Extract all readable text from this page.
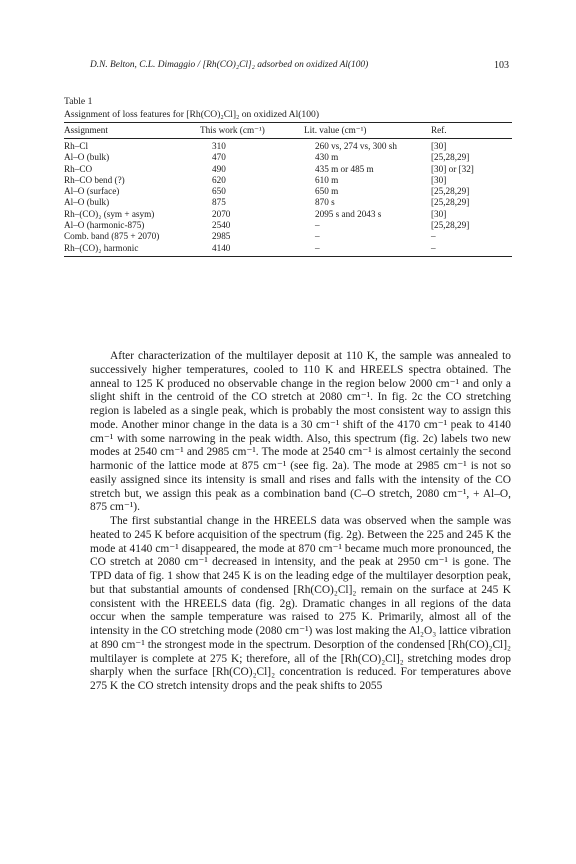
D.N. Belton, C.L. Dimaggio / [Rh(CO)₂Cl]₂ adsorbed on oxidized Al(100)	103
Table 1
Assignment of loss features for [Rh(CO)₂Cl]₂ on oxidized Al(100)
Assignment	This work (cm⁻¹)	Lit. value (cm⁻¹)	Ref.
Rh–Cl	310	260 vs, 274 vs, 300 sh	[30]
Al–O (bulk)	470	430 m	[25,28,29]
Rh–CO	490	435 m or 485 m	[30] or [32]
Rh–CO bend (?)	620	610 m	[30]
Al–O (surface)	650	650 m	[25,28,29]
Al–O (bulk)	875	870 s	[25,28,29]
Rh–(CO)₂ (sym + asym)	2070	2095 s and 2043 s	[30]
Al–O (harmonic-875)	2540	–	[25,28,29]
Comb. band (875 + 2070)	2985	–	–
Rh–(CO)₂ harmonic	4140	–	–

After characterization of the multilayer deposit at 110 K, the sample was annealed to successively higher temperatures, cooled to 110 K and HREELS spectra obtained. The anneal to 125 K produced no observable change in the region below 2000 cm⁻¹ and only a slight shift in the centroid of the CO stretch at 2080 cm⁻¹. In fig. 2c the CO stretching region is labeled as a single peak, which is probably the most consistent way to assign this mode. Another minor change in the data is a 30 cm⁻¹ shift of the 4170 cm⁻¹ peak to 4140 cm⁻¹ with some narrowing in the peak width. Also, this spectrum (fig. 2c) labels two new modes at 2540 cm⁻¹ and 2985 cm⁻¹. The mode at 2540 cm⁻¹ is almost certainly the second harmonic of the lattice mode at 875 cm⁻¹ (see fig. 2a). The mode at 2985 cm⁻¹ is not so easily assigned since its intensity is small and rises and falls with the intensity of the CO stretch but, we assign this peak as a combination band (C–O stretch, 2080 cm⁻¹, + Al–O, 875 cm⁻¹).

The first substantial change in the HREELS data was observed when the sample was heated to 245 K before acquisition of the spectrum (fig. 2g). Between the 225 and 245 K the mode at 4140 cm⁻¹ disappeared, the mode at 870 cm⁻¹ became much more pronounced, the CO stretch at 2080 cm⁻¹ decreased in intensity, and the peak at 2950 cm⁻¹ is gone. The TPD data of fig. 1 show that 245 K is on the leading edge of the multilayer desorption peak, but that substantial amounts of condensed [Rh(CO)₂Cl]₂ remain on the surface at 245 K consistent with the HREELS data (fig. 2g). Dramatic changes in all regions of the data occur when the sample temperature was raised to 275 K. Primarily, almost all of the intensity in the CO stretching mode (2080 cm⁻¹) was lost making the Al₂O₃ lattice vibration at 890 cm⁻¹ the strongest mode in the spectrum. Desorption of the condensed [Rh(CO)₂Cl]₂ multilayer is complete at 275 K; therefore, all of the [Rh(CO)₂Cl]₂ stretching modes drop sharply when the surface [Rh(CO)₂Cl]₂ concentration is reduced. For temperatures above 275 K the CO stretch intensity drops and the peak shifts to 2055
